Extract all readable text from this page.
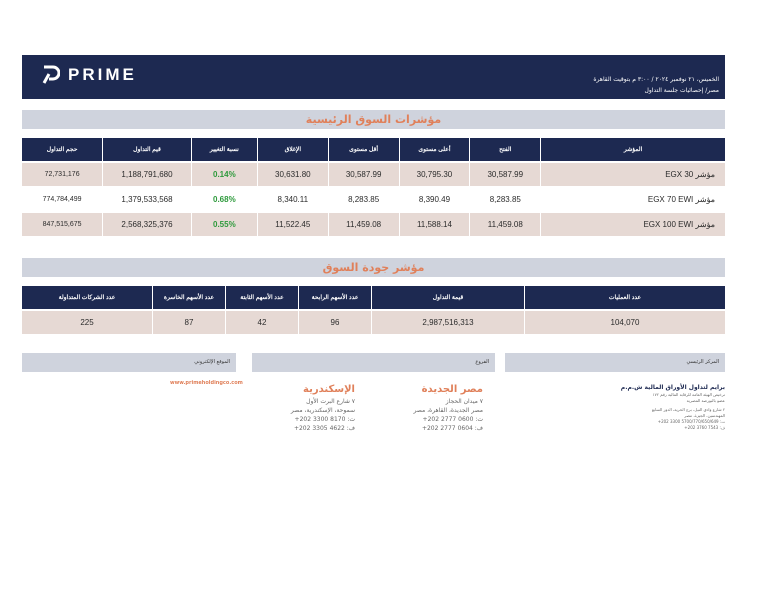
PRIME	الخميس، ٢١ نوفمبر ٢٠٢٤ / ٣:٠٠ م بتوقيت القاهرة
مصر/ إحصائيات جلسة التداول
مؤشرات السوق الرئيسية
حجم التداول	قيم التداول	نسبة التغيير	الإغلاق	أقل مستوى	أعلى مستوى	الفتح	المؤشر
72,731,176	1,188,791,680	0.14%	30,631.80	30,587.99	30,795.30	30,587.99	مؤشر EGX 30
774,784,499	1,379,533,568	0.68%	8,340.11	8,283.85	8,390.49	8,283.85	مؤشر EGX 70 EWI
847,515,675	2,568,325,376	0.55%	11,522.45	11,459.08	11,588.14	11,459.08	مؤشر EGX 100 EWI
مؤشر جودة السوق
عدد الشركات المتداولة	عدد الأسهم الخاسرة	عدد الأسهم الثابتة	عدد الأسهم الرابحة	قيمة التداول	عدد العمليات
225	87	42	96	2,987,516,313	104,070
المركز الرئيسي
الفروع
الموقع الإلكتروني
برايم لتداول الأوراق المالية ش.م.م
ترخيص الهيئة العامة للرقابة المالية رقم ١٧٢
عضو بالبورصة المصرية
٢ شارع وادي النيل، برج الحرية، الدور السابع
المهندسين، الجيزة، مصر
ت: 5700/770/650/649 3300 202+
ف: 7543 3760 202+
مصر الجديدة
٧ ميدان الحجاز
مصر الجديدة، القاهرة، مصر
ت: 0600 2777 202+
ف: 0604 2777 202+
الإسكندرية
٧ شارع البرت الأول
سموحة، الإسكندرية، مصر
ت: 8170 3300 202+
ف: 4622 3305 202+
www.primeholdingco.com
